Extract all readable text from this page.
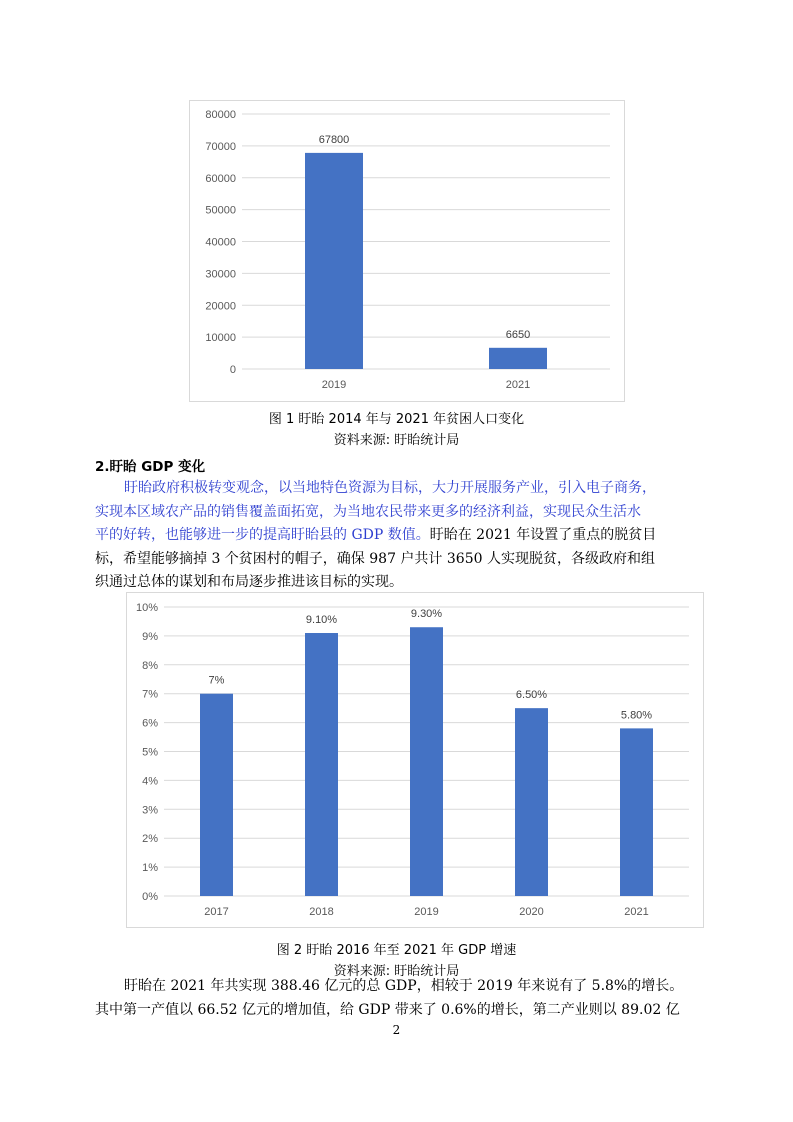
0
10000
20000
30000
40000
50000
60000
70000
80000
67800
2019
6650
2021
图 1 盱眙 2014 年与 2021 年贫困人口变化
资料来源: 盱眙统计局
2.盱眙 GDP 变化
盱眙政府积极转变观念，以当地特色资源为目标，大力开展服务产业，引入电子商务，
实现本区域农产品的销售覆盖面拓宽，为当地农民带来更多的经济利益，实现民众生活水
平的好转，也能够进一步的提高盱眙县的 GDP 数值。盱眙在 2021 年设置了重点的脱贫目
标，希望能够摘掉 3 个贫困村的帽子，确保 987 户共计 3650 人实现脱贫，各级政府和组
织通过总体的谋划和布局逐步推进该目标的实现。
0%
1%
2%
3%
4%
5%
6%
7%
8%
9%
10%
7%
2017
9.10%
2018
9.30%
2019
6.50%
2020
5.80%
2021
图 2 盱眙 2016 年至 2021 年 GDP 增速
资料来源: 盱眙统计局
盱眙在 2021 年共实现 388.46 亿元的总 GDP，相较于 2019 年来说有了 5.8%的增长。
其中第一产值以 66.52 亿元的增加值，给 GDP 带来了 0.6%的增长，第二产业则以 89.02 亿
2
